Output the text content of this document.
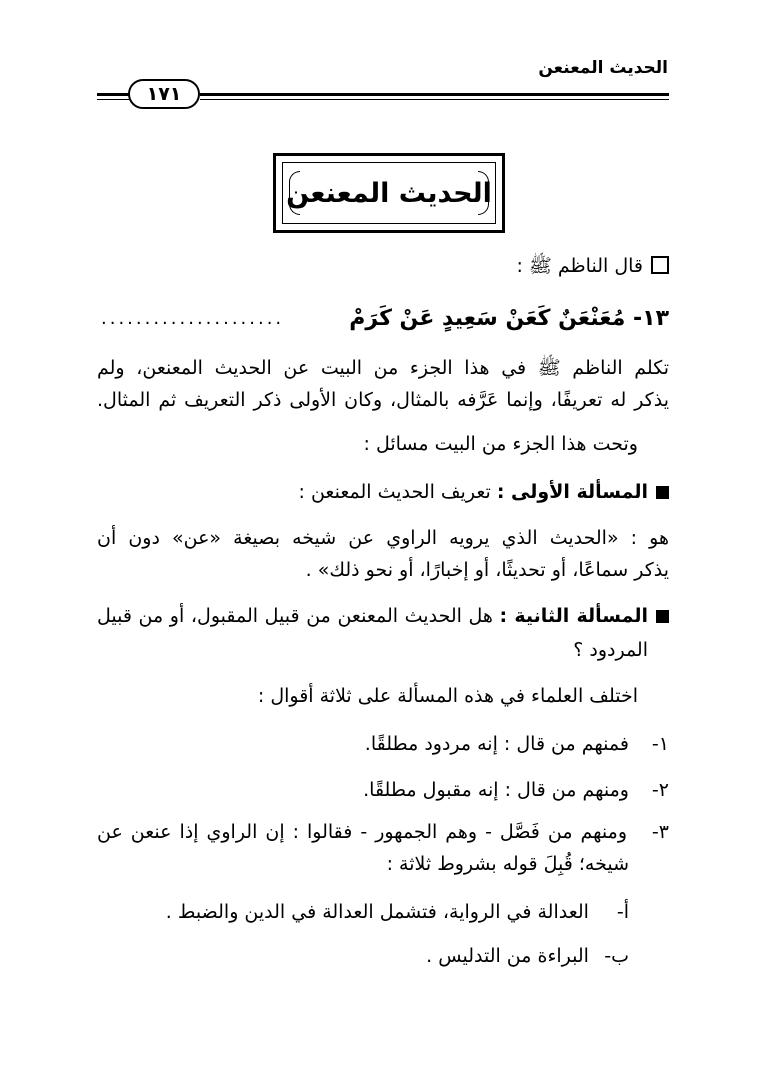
الحديث المعنعن
١٧١
الحديث المعنعن
قال الناظم ﷺ :
١٣- مُعَنْعَنٌ كَعَنْ سَعِيدٍ عَنْ كَرَمْ
.....................
تكلم الناظم ﷺ في هذا الجزء من البيت عن الحديث المعنعن، ولم
يذكر له تعريفًا، وإنما عَرَّفه بالمثال، وكان الأولى ذكر التعريف ثم المثال.
وتحت هذا الجزء من البيت مسائل :
المسألة الأولى : تعريف الحديث المعنعن :
هو : «الحديث الذي يرويه الراوي عن شيخه بصيغة «عن» دون أن
يذكر سماعًا، أو تحديثًا، أو إخبارًا، أو نحو ذلك» .
المسألة الثانية : هل الحديث المعنعن من قبيل المقبول، أو من قبيل
المردود ؟
اختلف العلماء في هذه المسألة على ثلاثة أقوال :
١- فمنهم من قال : إنه مردود مطلقًا.
٢- ومنهم من قال : إنه مقبول مطلقًا.
٣- ومنهم من فَصَّل - وهم الجمهور - فقالوا : إن الراوي إذا عنعن عن
شيخه؛ قُبِلَ قوله بشروط ثلاثة :
أ- العدالة في الرواية، فتشمل العدالة في الدين والضبط .
ب- البراءة من التدليس .
